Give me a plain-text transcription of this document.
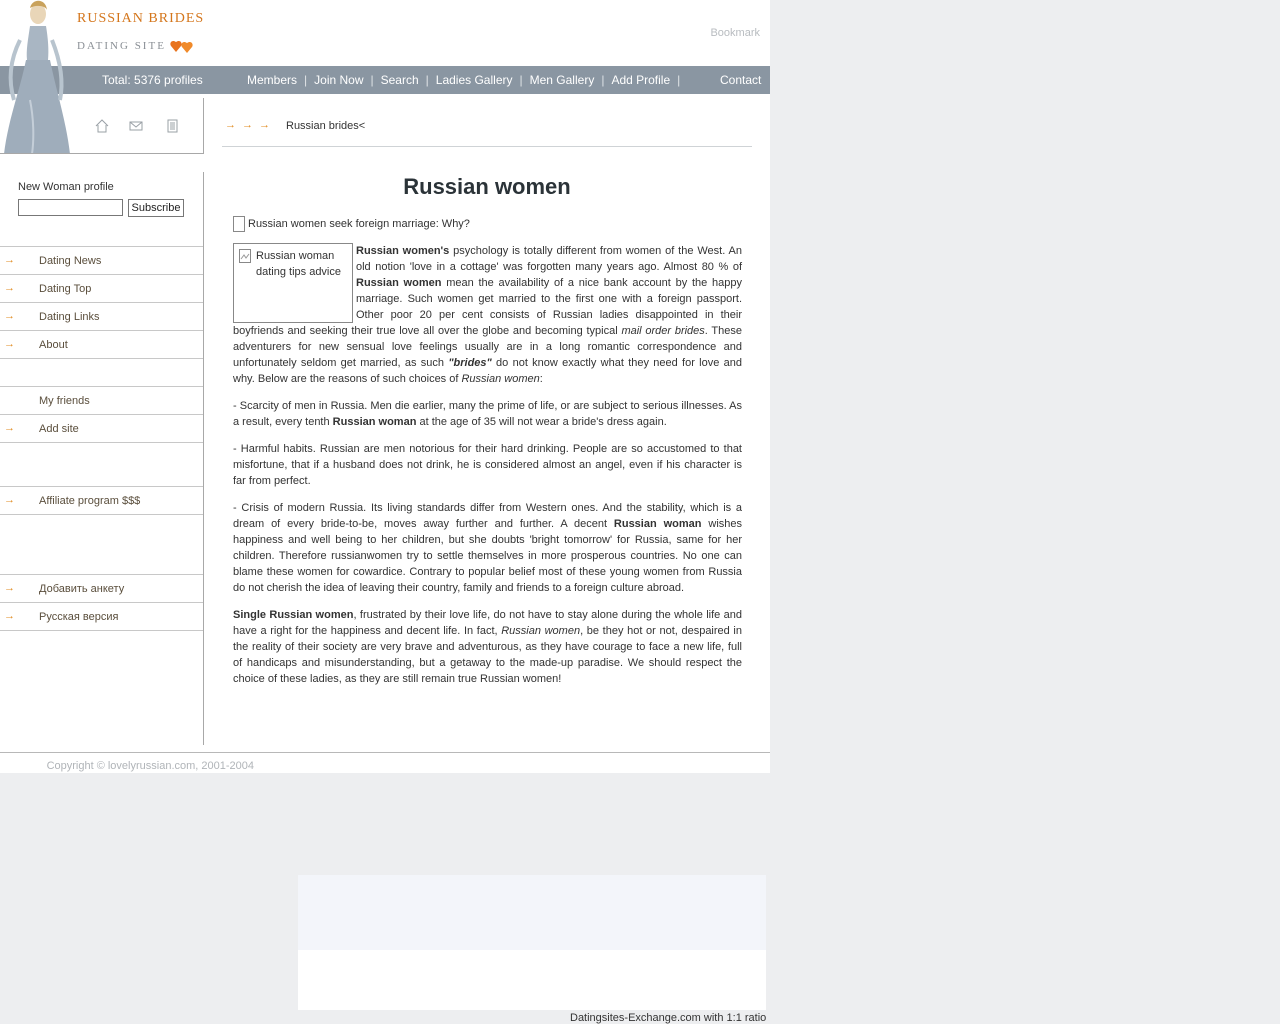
RUSSIAN BRIDES
DATING SITE
Bookmark
Total: 5376 profiles	Members | Join Now | Search | Ladies Gallery | Men Gallery | Add Profile |	Contact
→ → →	Russian brides<
New Woman profile
Subscribe
→ Dating News
→ Dating Top
→ Dating Links
→ About
My friends
→ Add site
→ Affiliate program $$$
→ Добавить анкету
→ Русская версия
Russian women
Russian women seek foreign marriage: Why?

Russian women's psychology is totally different from women of the West. An old notion 'love in a cottage' was forgotten many years ago. Almost 80 % of Russian women mean the availability of a nice bank account by the happy marriage. Such women get married to the first one with a foreign passport. Other poor 20 per cent consists of Russian ladies disappointed in their boyfriends and seeking their true love all over the globe and becoming typical mail order brides. These adventurers for new sensual love feelings usually are in a long romantic correspondence and unfortunately seldom get married, as such "brides" do not know exactly what they need for love and why. Below are the reasons of such choices of Russian women:

- Scarcity of men in Russia. Men die earlier, many the prime of life, or are subject to serious illnesses. As a result, every tenth Russian woman at the age of 35 will not wear a bride's dress again.

- Harmful habits. Russian are men notorious for their hard drinking. People are so accustomed to that misfortune, that if a husband does not drink, he is considered almost an angel, even if his character is far from perfect.

- Crisis of modern Russia. Its living standards differ from Western ones. And the stability, which is a dream of every bride-to-be, moves away further and further. A decent Russian woman wishes happiness and well being to her children, but she doubts 'bright tomorrow' for Russia, same for her children. Therefore russianwomen try to settle themselves in more prosperous countries. No one can blame these women for cowardice. Contrary to popular belief most of these young women from Russia do not cherish the idea of leaving their country, family and friends to a foreign culture abroad.

Single Russian women, frustrated by their love life, do not have to stay alone during the whole life and have a right for the happiness and decent life. In fact, Russian women, be they hot or not, despaired in the reality of their society are very brave and adventurous, as they have courage to face a new life, full of handicaps and misunderstanding, but a getaway to the made-up paradise. We should respect the choice of these ladies, as they are still remain true Russian women!

Russian woman dating tips advice
Copyright © lovelyrussian.com, 2001-2004
Datingsites-Exchange.com with 1:1 ratio
